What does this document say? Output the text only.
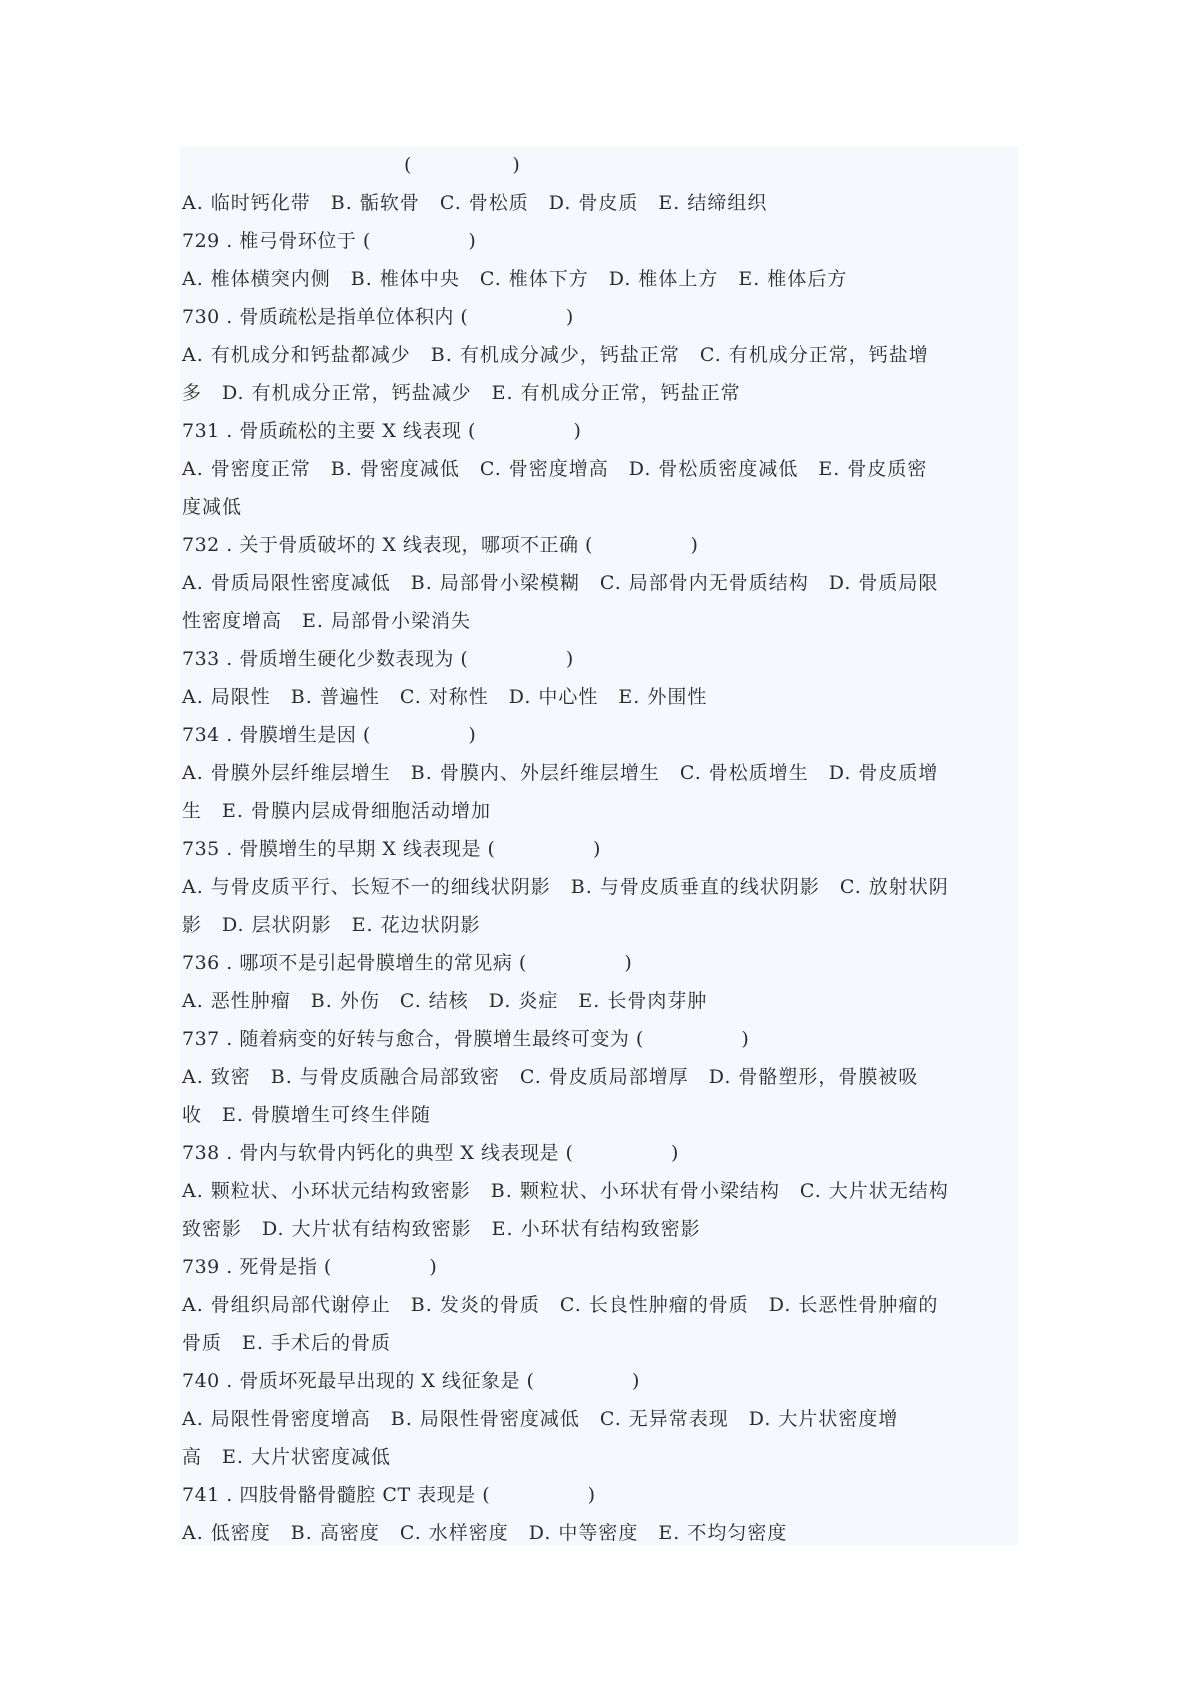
(　　　　　)
A. 临时钙化带　B. 骺软骨　C. 骨松质　D. 骨皮质　E. 结缔组织
729 . 椎弓骨环位于 (　　　　　)
A. 椎体横突内侧　B. 椎体中央　C. 椎体下方　D. 椎体上方　E. 椎体后方
730 . 骨质疏松是指单位体积内 (　　　　　)
A. 有机成分和钙盐都减少　B. 有机成分减少，钙盐正常　C. 有机成分正常，钙盐增
多　D. 有机成分正常，钙盐减少　E. 有机成分正常，钙盐正常
731 . 骨质疏松的主要 X 线表现 (　　　　　)
A. 骨密度正常　B. 骨密度减低　C. 骨密度增高　D. 骨松质密度减低　E. 骨皮质密
度减低
732 . 关于骨质破坏的 X 线表现，哪项不正确 (　　　　　)
A. 骨质局限性密度减低　B. 局部骨小梁模糊　C. 局部骨内无骨质结构　D. 骨质局限
性密度增高　E. 局部骨小梁消失
733 . 骨质增生硬化少数表现为 (　　　　　)
A. 局限性　B. 普遍性　C. 对称性　D. 中心性　E. 外围性
734 . 骨膜增生是因 (　　　　　)
A. 骨膜外层纤维层增生　B. 骨膜内、外层纤维层增生　C. 骨松质增生　D. 骨皮质增
生　E. 骨膜内层成骨细胞活动增加
735 . 骨膜增生的早期 X 线表现是 (　　　　　)
A. 与骨皮质平行、长短不一的细线状阴影　B. 与骨皮质垂直的线状阴影　C. 放射状阴
影　D. 层状阴影　E. 花边状阴影
736 . 哪项不是引起骨膜增生的常见病 (　　　　　)
A. 恶性肿瘤　B. 外伤　C. 结核　D. 炎症　E. 长骨肉芽肿
737 . 随着病变的好转与愈合，骨膜增生最终可变为 (　　　　　)
A. 致密　B. 与骨皮质融合局部致密　C. 骨皮质局部增厚　D. 骨骼塑形，骨膜被吸
收　E. 骨膜增生可终生伴随
738 . 骨内与软骨内钙化的典型 X 线表现是 (　　　　　)
A. 颗粒状、小环状元结构致密影　B. 颗粒状、小环状有骨小梁结构　C. 大片状无结构
致密影　D. 大片状有结构致密影　E. 小环状有结构致密影
739 . 死骨是指 (　　　　　)
A. 骨组织局部代谢停止　B. 发炎的骨质　C. 长良性肿瘤的骨质　D. 长恶性骨肿瘤的
骨质　E. 手术后的骨质
740 . 骨质坏死最早出现的 X 线征象是 (　　　　　)
A. 局限性骨密度增高　B. 局限性骨密度减低　C. 无异常表现　D. 大片状密度增
高　E. 大片状密度减低
741 . 四肢骨骼骨髓腔 CT 表现是 (　　　　　)
A. 低密度　B. 高密度　C. 水样密度　D. 中等密度　E. 不均匀密度
